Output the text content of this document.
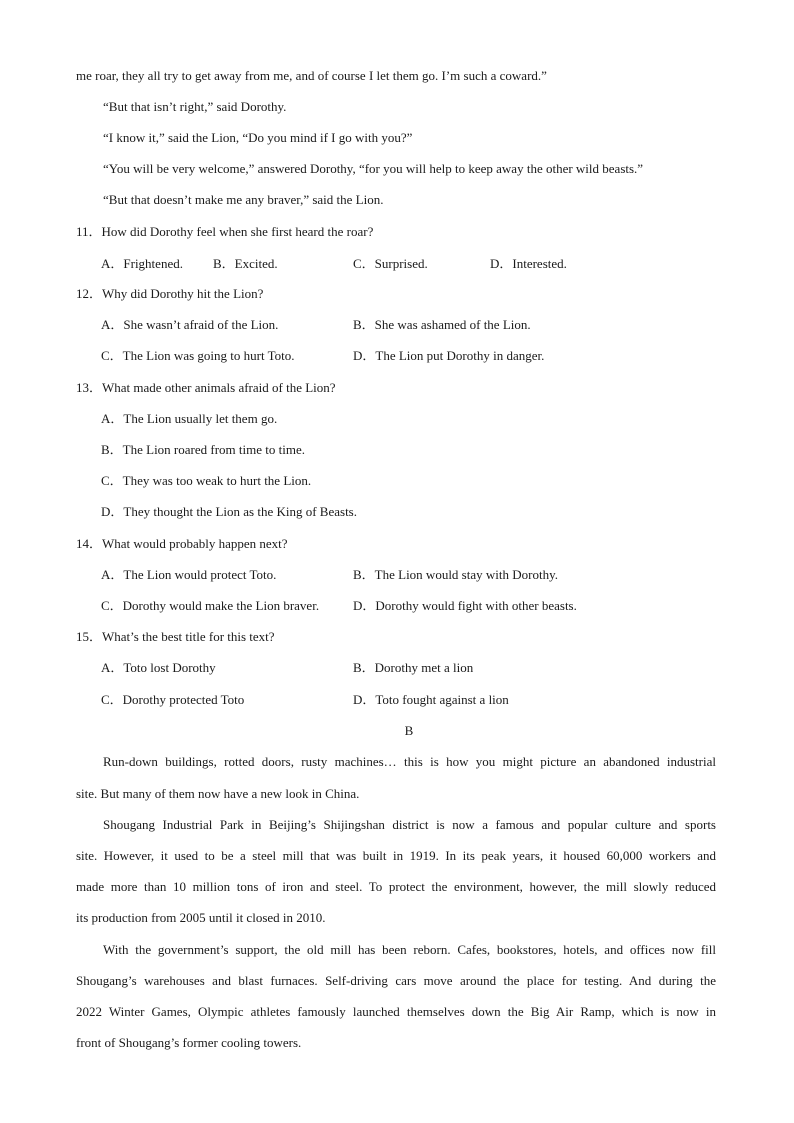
me roar, they all try to get away from me, and of course I let them go. I’m such a coward.”
“But that isn’t right,” said Dorothy.
“I know it,” said the Lion, “Do you mind if I go with you?”
“You will be very welcome,” answered Dorothy, “for you will help to keep away the other wild beasts.”
“But that doesn’t make me any braver,” said the Lion.
11．How did Dorothy feel when she first heard the roar?
A．Frightened. B．Excited.	C．Surprised.	D．Interested.
12．Why did Dorothy hit the Lion?
A．She wasn’t afraid of the Lion.	B．She was ashamed of the Lion.
C．The Lion was going to hurt Toto.	D．The Lion put Dorothy in danger.
13．What made other animals afraid of the Lion?
A．The Lion usually let them go.
B．The Lion roared from time to time.
C．They was too weak to hurt the Lion.
D．They thought the Lion as the King of Beasts.
14．What would probably happen next?
A．The Lion would protect Toto.	B．The Lion would stay with Dorothy.
C．Dorothy would make the Lion braver.	D．Dorothy would fight with other beasts.
15．What’s the best title for this text?
A．Toto lost Dorothy	B．Dorothy met a lion
C．Dorothy protected Toto	D．Toto fought against a lion
B
Run-down buildings, rotted doors, rusty machines… this is how you might picture an abandoned industrial
site. But many of them now have a new look in China.
Shougang Industrial Park in Beijing’s Shijingshan district is now a famous and popular culture and sports
site. However, it used to be a steel mill that was built in 1919. In its peak years, it housed 60,000 workers and
made more than 10 million tons of iron and steel. To protect the environment, however, the mill slowly reduced
its production from 2005 until it closed in 2010.
With the government’s support, the old mill has been reborn. Cafes, bookstores, hotels, and offices now fill
Shougang’s warehouses and blast furnaces. Self-driving cars move around the place for testing. And during the
2022 Winter Games, Olympic athletes famously launched themselves down the Big Air Ramp, which is now in
front of Shougang’s former cooling towers.
